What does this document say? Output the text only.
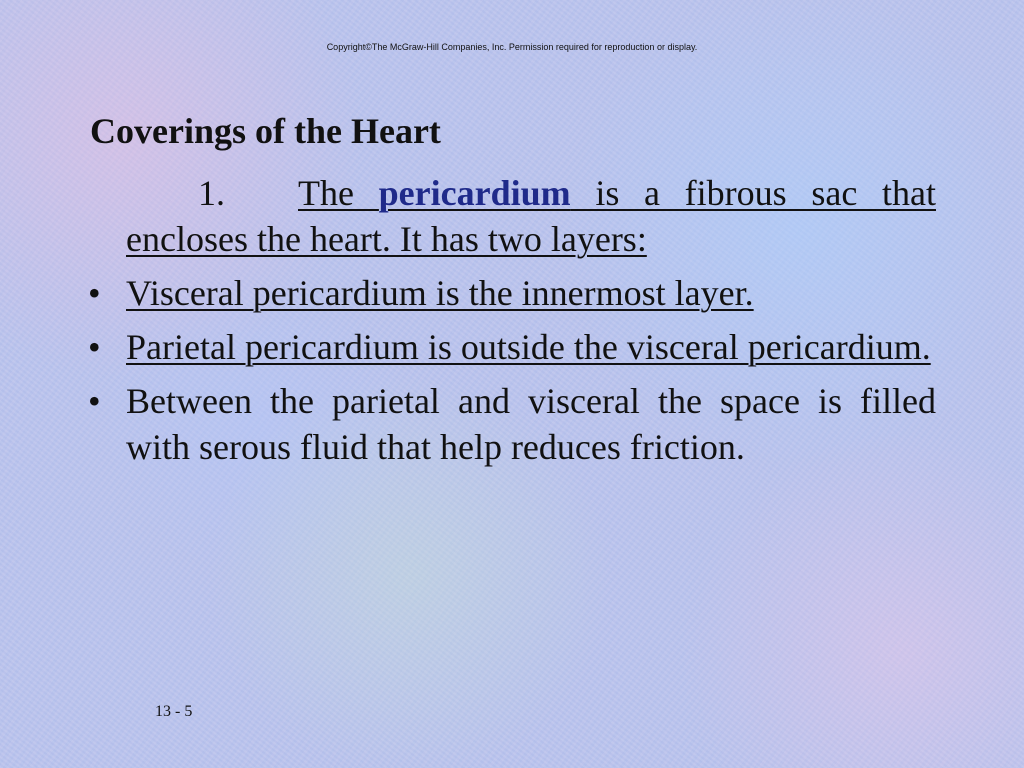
Copyright©The McGraw-Hill Companies, Inc. Permission required for reproduction or display.
Coverings of the Heart
1. The pericardium is a fibrous sac that encloses the heart. It has two layers:
• Visceral pericardium is the innermost layer.
• Parietal pericardium is outside the visceral pericardium.
• Between the parietal and visceral the space is filled with serous fluid that help reduces friction.
13 - 5
